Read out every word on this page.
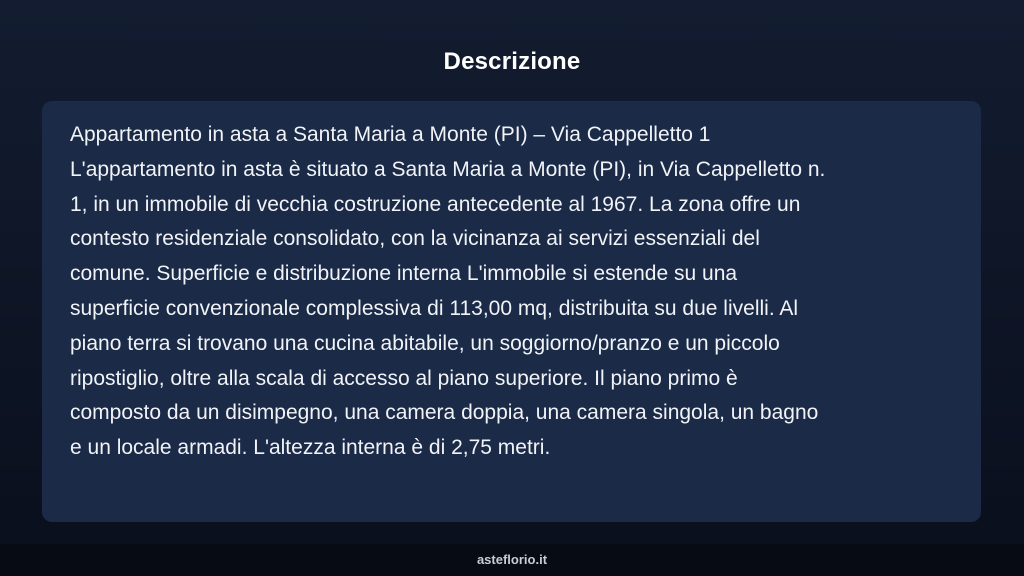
Descrizione

Appartamento in asta a Santa Maria a Monte (PI) – Via Cappelletto 1
L'appartamento in asta è situato a Santa Maria a Monte (PI), in Via Cappelletto n.
1, in un immobile di vecchia costruzione antecedente al 1967. La zona offre un
contesto residenziale consolidato, con la vicinanza ai servizi essenziali del
comune. Superficie e distribuzione interna L'immobile si estende su una
superficie convenzionale complessiva di 113,00 mq, distribuita su due livelli. Al
piano terra si trovano una cucina abitabile, un soggiorno/pranzo e un piccolo
ripostiglio, oltre alla scala di accesso al piano superiore. Il piano primo è
composto da un disimpegno, una camera doppia, una camera singola, un bagno
e un locale armadi. L'altezza interna è di 2,75 metri.

asteflorio.it
